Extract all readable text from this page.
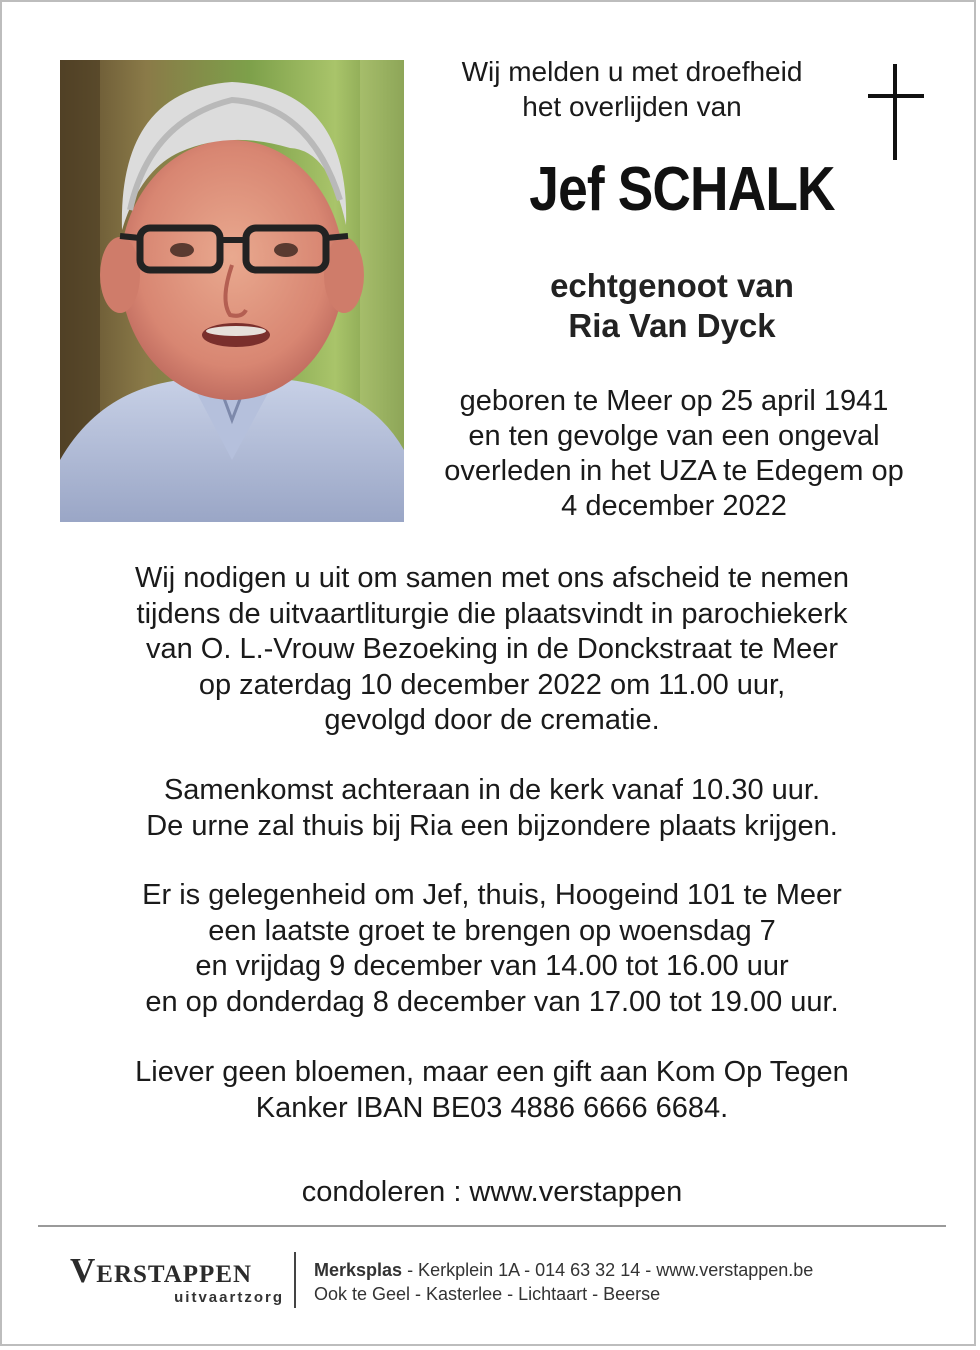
Wij melden u met droefheid
het overlijden van
Jef SCHALK
echtgenoot van
Ria Van Dyck
geboren te Meer op 25 april 1941
en ten gevolge van een ongeval
overleden in het UZA te Edegem op
4 december 2022
Wij nodigen u uit om samen met ons afscheid te nemen
tijdens de uitvaartliturgie die plaatsvindt in parochiekerk
van O. L.-Vrouw Bezoeking in de Donckstraat te Meer
op zaterdag 10 december 2022 om 11.00 uur,
gevolgd door de crematie.
Samenkomst achteraan in de kerk vanaf 10.30 uur.
De urne zal thuis bij Ria een bijzondere plaats krijgen.
Er is gelegenheid om Jef, thuis, Hoogeind 101 te Meer
een laatste groet te brengen op woensdag 7
en vrijdag 9 december van 14.00 tot 16.00 uur
en op donderdag 8 december van 17.00 tot 19.00 uur.
Liever geen bloemen, maar een gift aan Kom Op Tegen
Kanker IBAN BE03 4886 6666 6684.
condoleren : www.verstappen
Verstappen
uitvaartzorg
Merksplas - Kerkplein 1A - 014 63 32 14 - www.verstappen.be
Ook te Geel - Kasterlee - Lichtaart - Beerse
